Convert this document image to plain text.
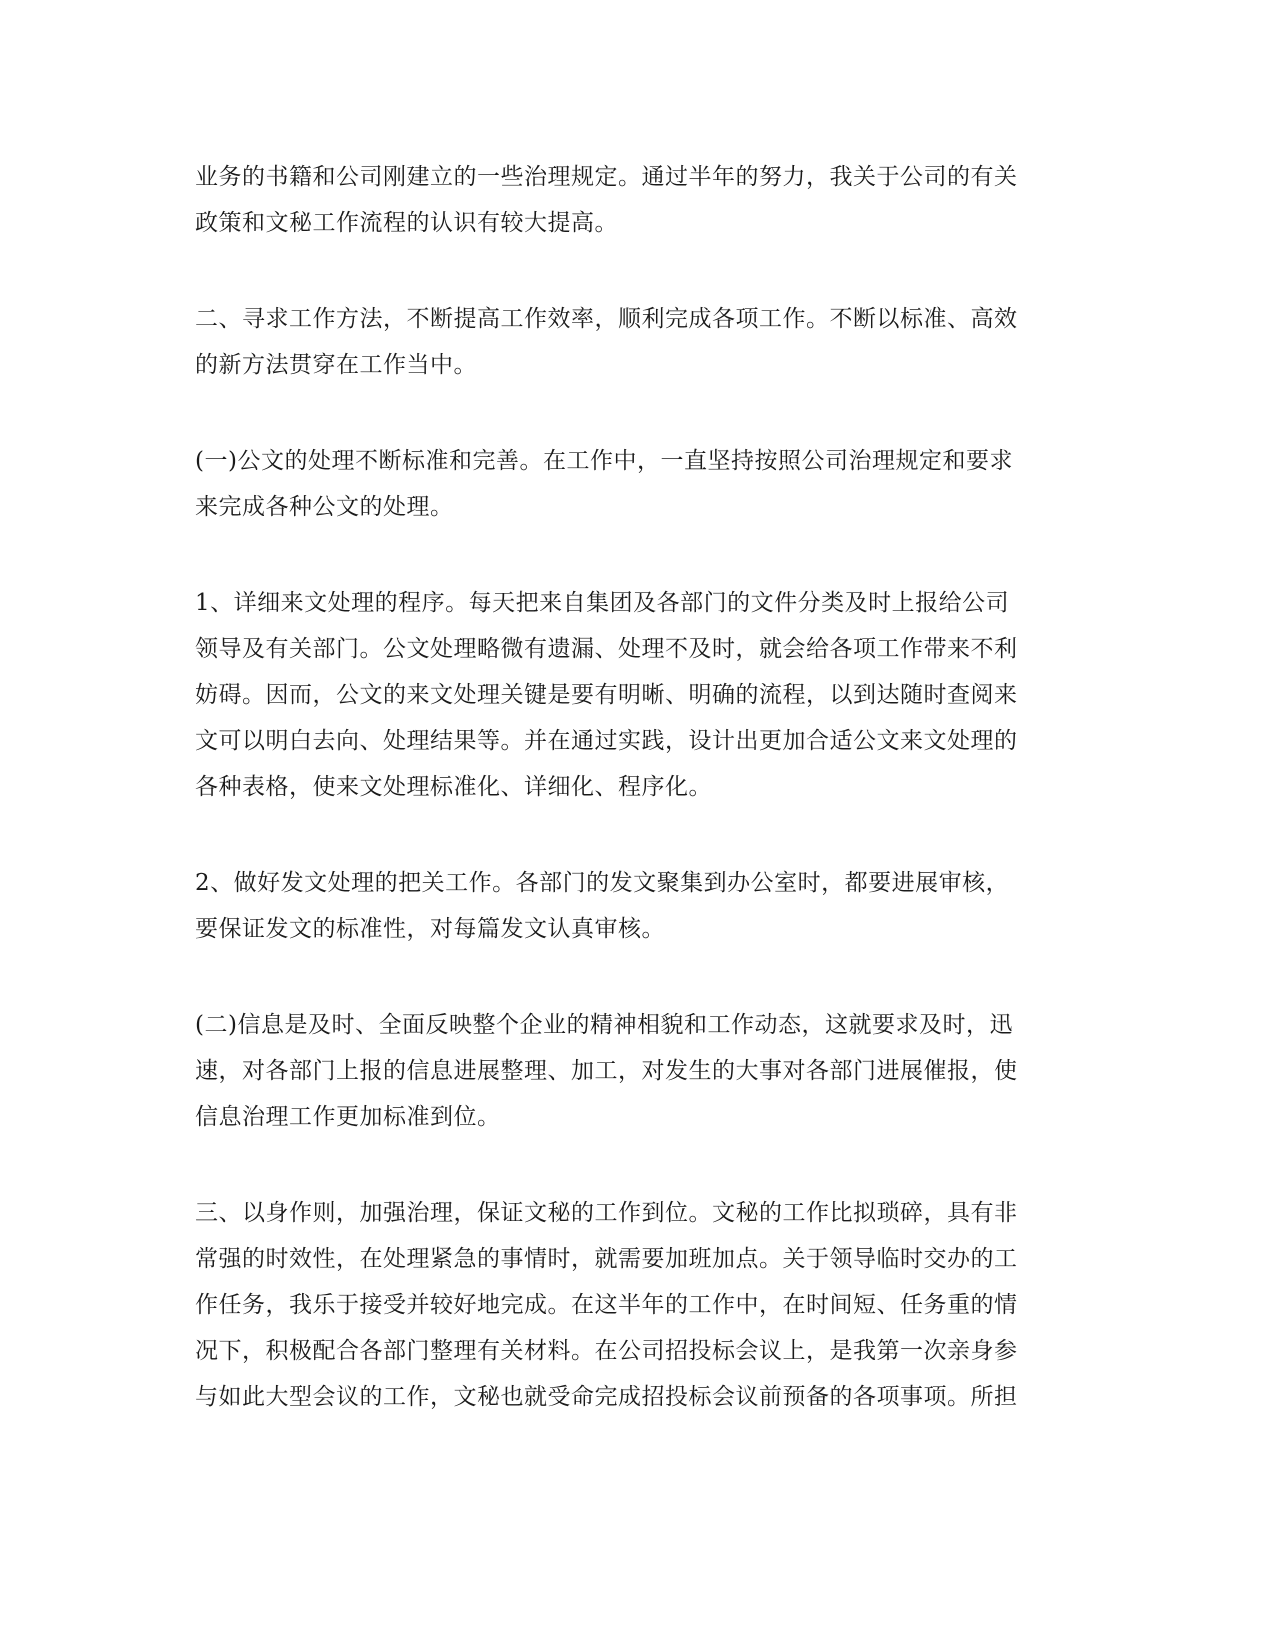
业务的书籍和公司刚建立的一些治理规定。通过半年的努力，我关于公司的有关
政策和文秘工作流程的认识有较大提高。
二、寻求工作方法，不断提高工作效率，顺利完成各项工作。不断以标准、高效
的新方法贯穿在工作当中。
(一)公文的处理不断标准和完善。在工作中，一直坚持按照公司治理规定和要求
来完成各种公文的处理。
1、详细来文处理的程序。每天把来自集团及各部门的文件分类及时上报给公司
领导及有关部门。公文处理略微有遗漏、处理不及时，就会给各项工作带来不利
妨碍。因而，公文的来文处理关键是要有明晰、明确的流程，以到达随时查阅来
文可以明白去向、处理结果等。并在通过实践，设计出更加合适公文来文处理的
各种表格，使来文处理标准化、详细化、程序化。
2、做好发文处理的把关工作。各部门的发文聚集到办公室时，都要进展审核，
要保证发文的标准性，对每篇发文认真审核。
(二)信息是及时、全面反映整个企业的精神相貌和工作动态，这就要求及时，迅
速，对各部门上报的信息进展整理、加工，对发生的大事对各部门进展催报，使
信息治理工作更加标准到位。
三、以身作则，加强治理，保证文秘的工作到位。文秘的工作比拟琐碎，具有非
常强的时效性，在处理紧急的事情时，就需要加班加点。关于领导临时交办的工
作任务，我乐于接受并较好地完成。在这半年的工作中，在时间短、任务重的情
况下，积极配合各部门整理有关材料。在公司招投标会议上，是我第一次亲身参
与如此大型会议的工作，文秘也就受命完成招投标会议前预备的各项事项。所担
